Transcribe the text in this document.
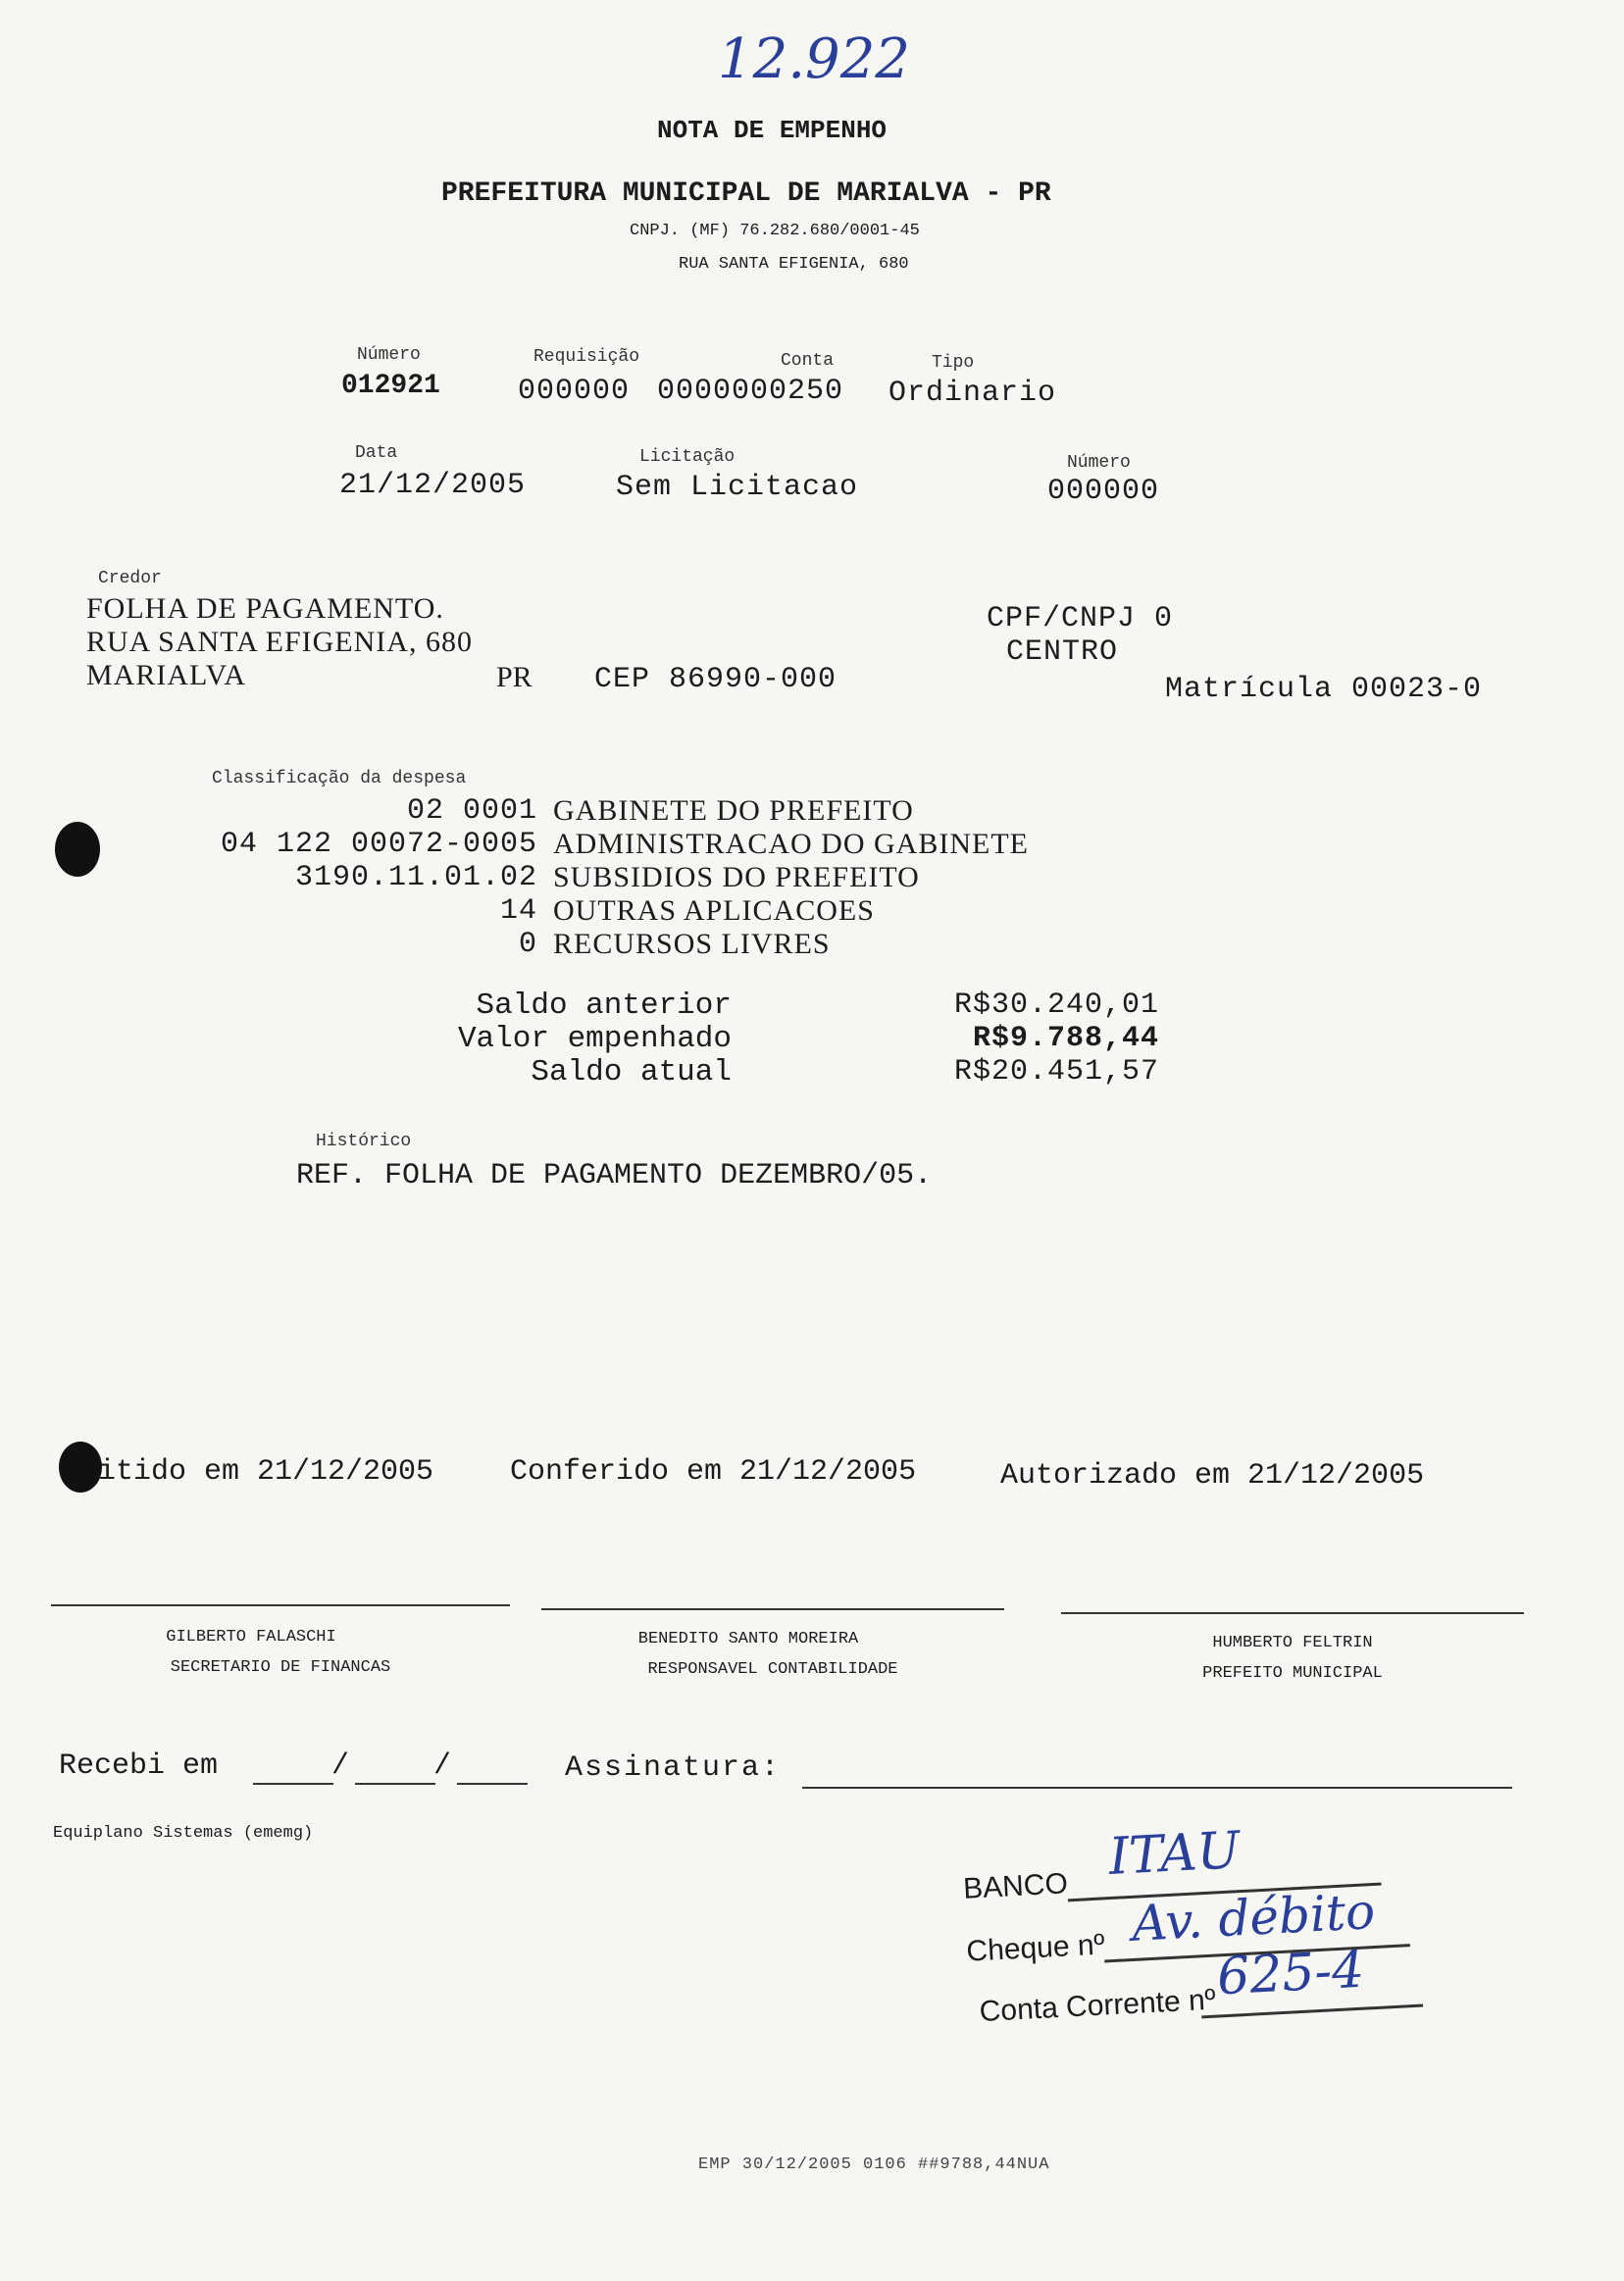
12.922
NOTA DE EMPENHO
PREFEITURA MUNICIPAL DE MARIALVA - PR
CNPJ. (MF) 76.282.680/0001-45
RUA SANTA EFIGENIA, 680
Número
012921
Requisição
000000
Conta
0000000250
Tipo
Ordinario
Data
21/12/2005
Licitação
Sem Licitacao
Número
000000
Credor
FOLHA DE PAGAMENTO.
RUA SANTA EFIGENIA, 680
MARIALVA	PR CEP 86990-000
CPF/CNPJ 0
CENTRO
Matrícula 00023-0
Classificação da despesa
02 0001 GABINETE DO PREFEITO
04 122 00072-0005 ADMINISTRACAO DO GABINETE
3190.11.01.02 SUBSIDIOS DO PREFEITO
14 OUTRAS APLICACOES
0 RECURSOS LIVRES
Saldo anterior	R$30.240,01
Valor empenhado	R$9.788,44
Saldo atual	R$20.451,57
Histórico
REF. FOLHA DE PAGAMENTO DEZEMBRO/05.
itido em 21/12/2005	Conferido em 21/12/2005	Autorizado em 21/12/2005
GILBERTO FALASCHI
SECRETARIO DE FINANCAS
BENEDITO SANTO MOREIRA
RESPONSAVEL CONTABILIDADE
HUMBERTO FELTRIN
PREFEITO MUNICIPAL
Recebi em	/	/	Assinatura:
Equiplano Sistemas (ememg)
BANCO ITAU
Cheque nº Av. débito
Conta Corrente nº 625-4
EMP 30/12/2005 0106 ##9788,44NUA
